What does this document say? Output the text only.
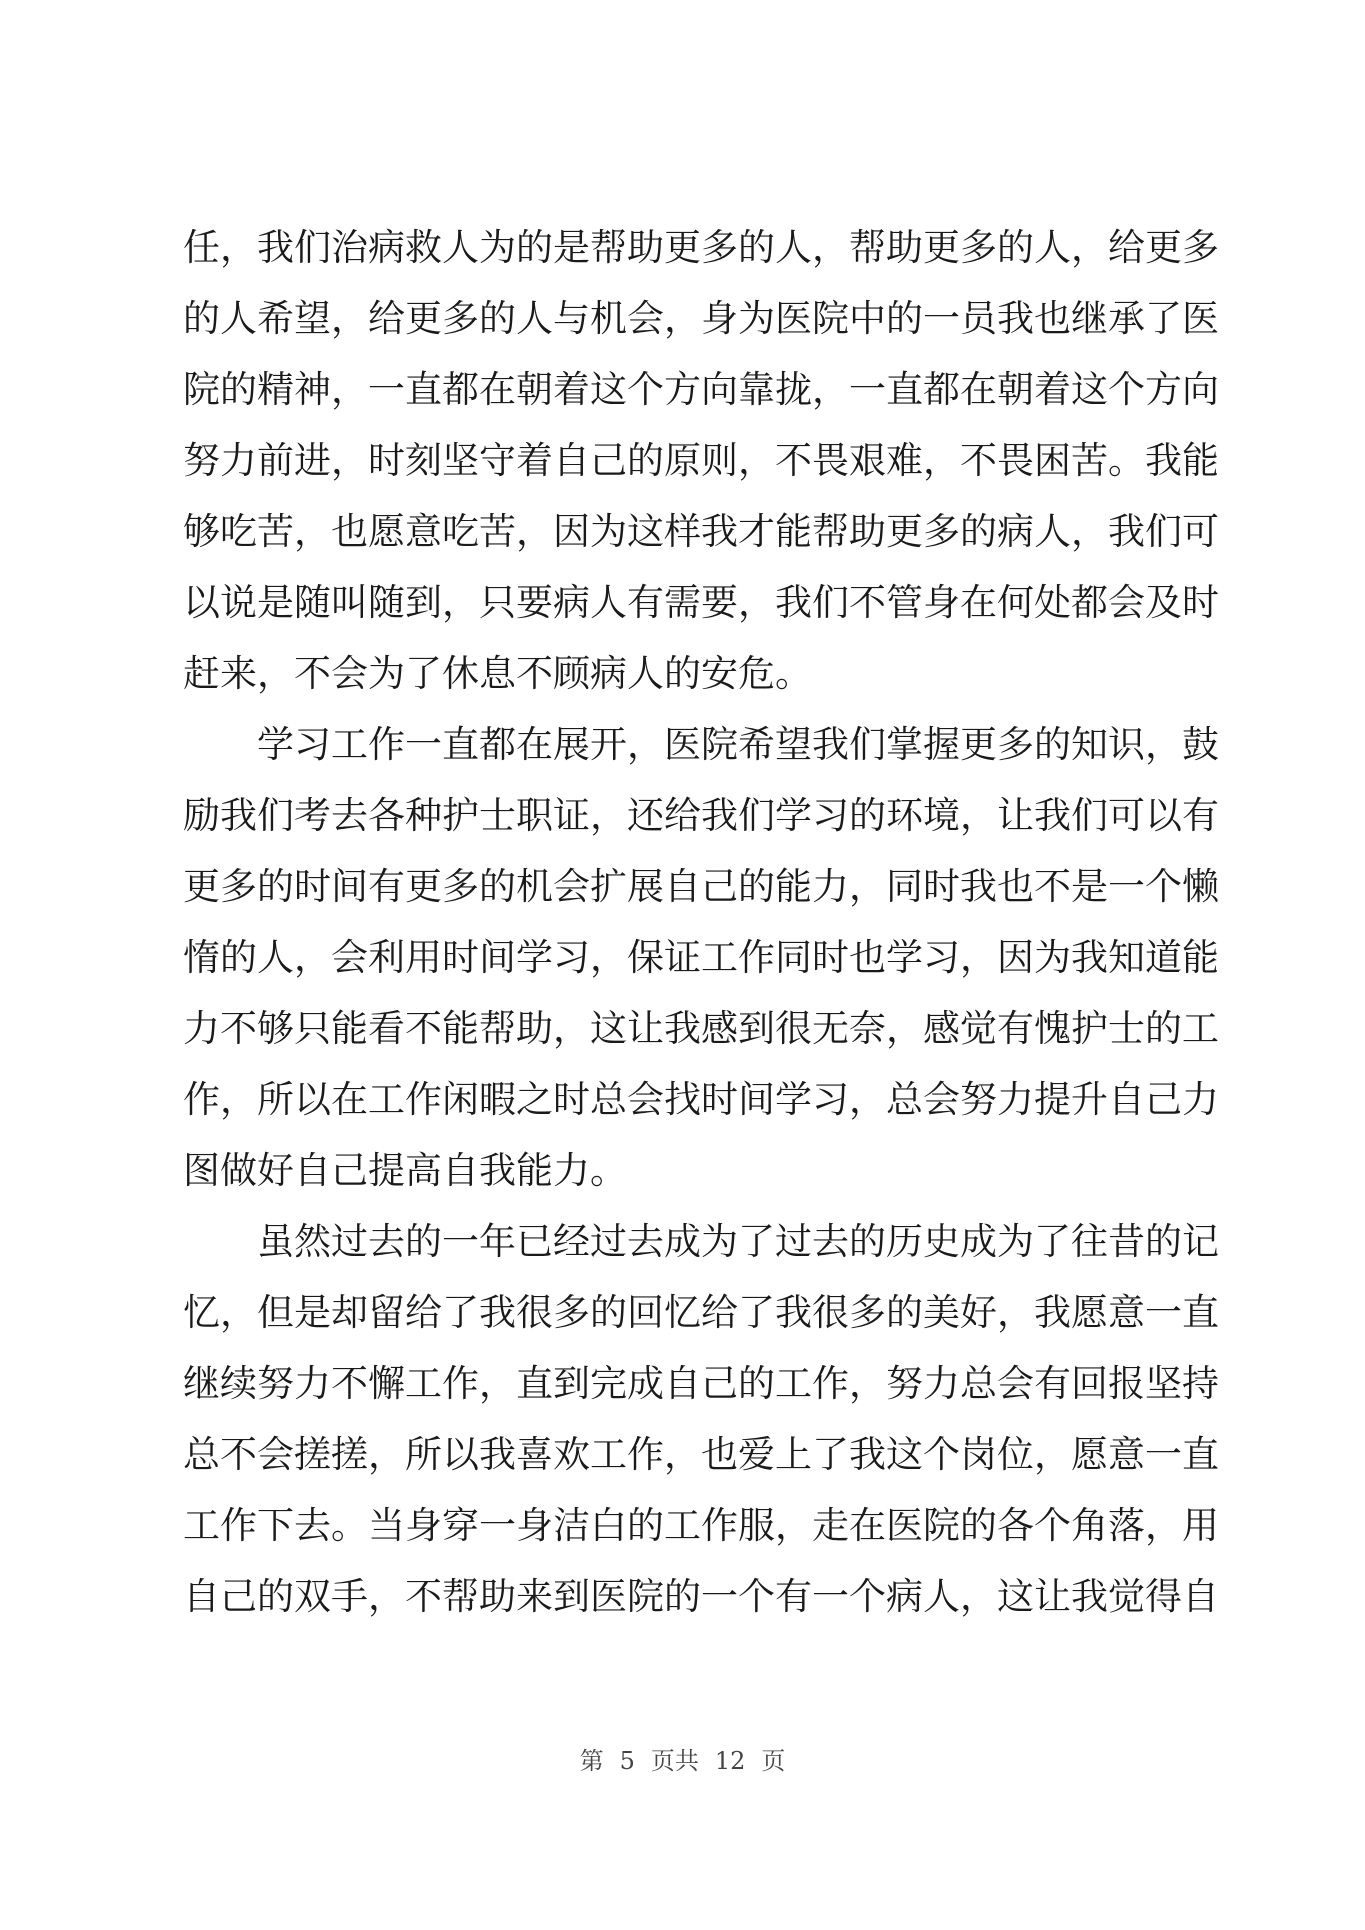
任，我们治病救人为的是帮助更多的人，帮助更多的人，给更多
的人希望，给更多的人与机会，身为医院中的一员我也继承了医
院的精神，一直都在朝着这个方向靠拢，一直都在朝着这个方向
努力前进，时刻坚守着自己的原则，不畏艰难，不畏困苦。我能
够吃苦，也愿意吃苦，因为这样我才能帮助更多的病人，我们可
以说是随叫随到，只要病人有需要，我们不管身在何处都会及时
赶来，不会为了休息不顾病人的安危。
　　学习工作一直都在展开，医院希望我们掌握更多的知识，鼓
励我们考去各种护士职证，还给我们学习的环境，让我们可以有
更多的时间有更多的机会扩展自己的能力，同时我也不是一个懒
惰的人，会利用时间学习，保证工作同时也学习，因为我知道能
力不够只能看不能帮助，这让我感到很无奈，感觉有愧护士的工
作，所以在工作闲暇之时总会找时间学习，总会努力提升自己力
图做好自己提高自我能力。
　　虽然过去的一年已经过去成为了过去的历史成为了往昔的记
忆，但是却留给了我很多的回忆给了我很多的美好，我愿意一直
继续努力不懈工作，直到完成自己的工作，努力总会有回报坚持
总不会搓搓，所以我喜欢工作，也爱上了我这个岗位，愿意一直
工作下去。当身穿一身洁白的工作服，走在医院的各个角落，用
自己的双手，不帮助来到医院的一个有一个病人，这让我觉得自
第 5 页共 12 页
